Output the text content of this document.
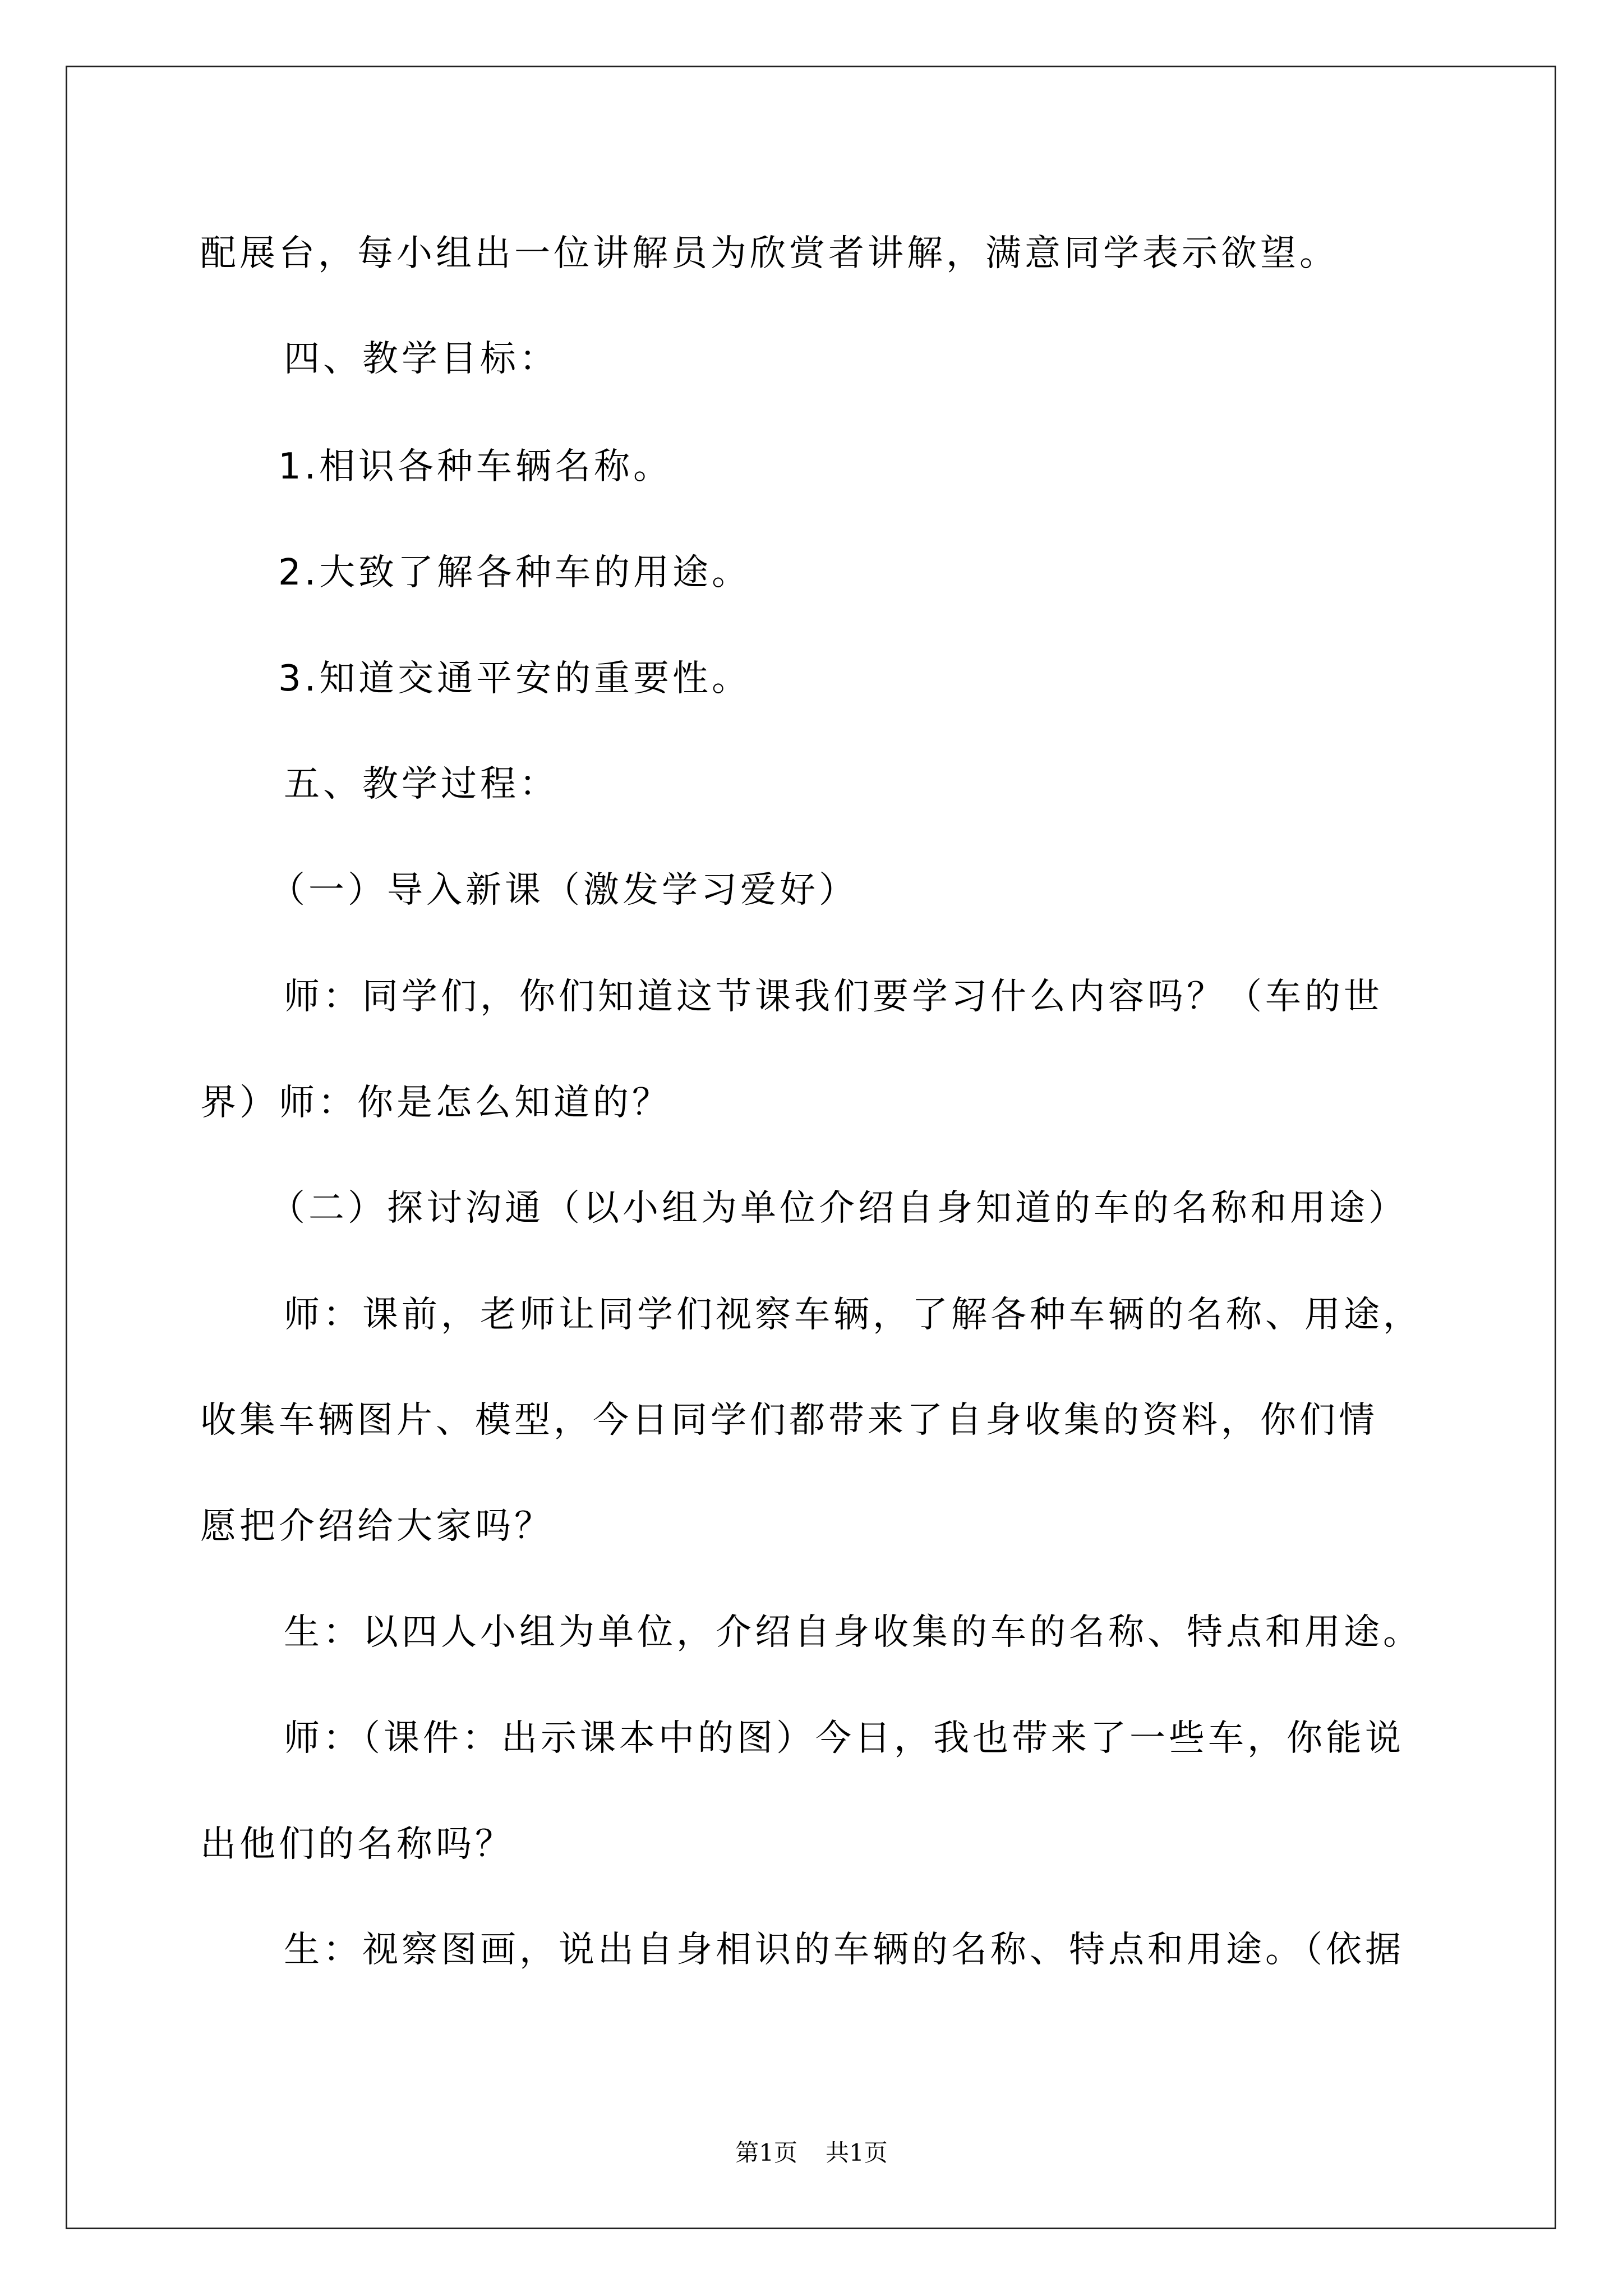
配展台，每小组出一位讲解员为欣赏者讲解，满意同学表示欲望。
四、教学目标：
1.相识各种车辆名称。
2.大致了解各种车的用途。
3.知道交通平安的重要性。
五、教学过程：
（一）导入新课（激发学习爱好）
师：同学们，你们知道这节课我们要学习什么内容吗？（车的世
界）师：你是怎么知道的？
（二）探讨沟通（以小组为单位介绍自身知道的车的名称和用途）
师：课前，老师让同学们视察车辆，了解各种车辆的名称、用途，
收集车辆图片、模型，今日同学们都带来了自身收集的资料，你们情
愿把介绍给大家吗？
生：以四人小组为单位，介绍自身收集的车的名称、特点和用途。
师：（课件：出示课本中的图）今日，我也带来了一些车，你能说
出他们的名称吗？
生：视察图画，说出自身相识的车辆的名称、特点和用途。（依据
第1页 共1页
